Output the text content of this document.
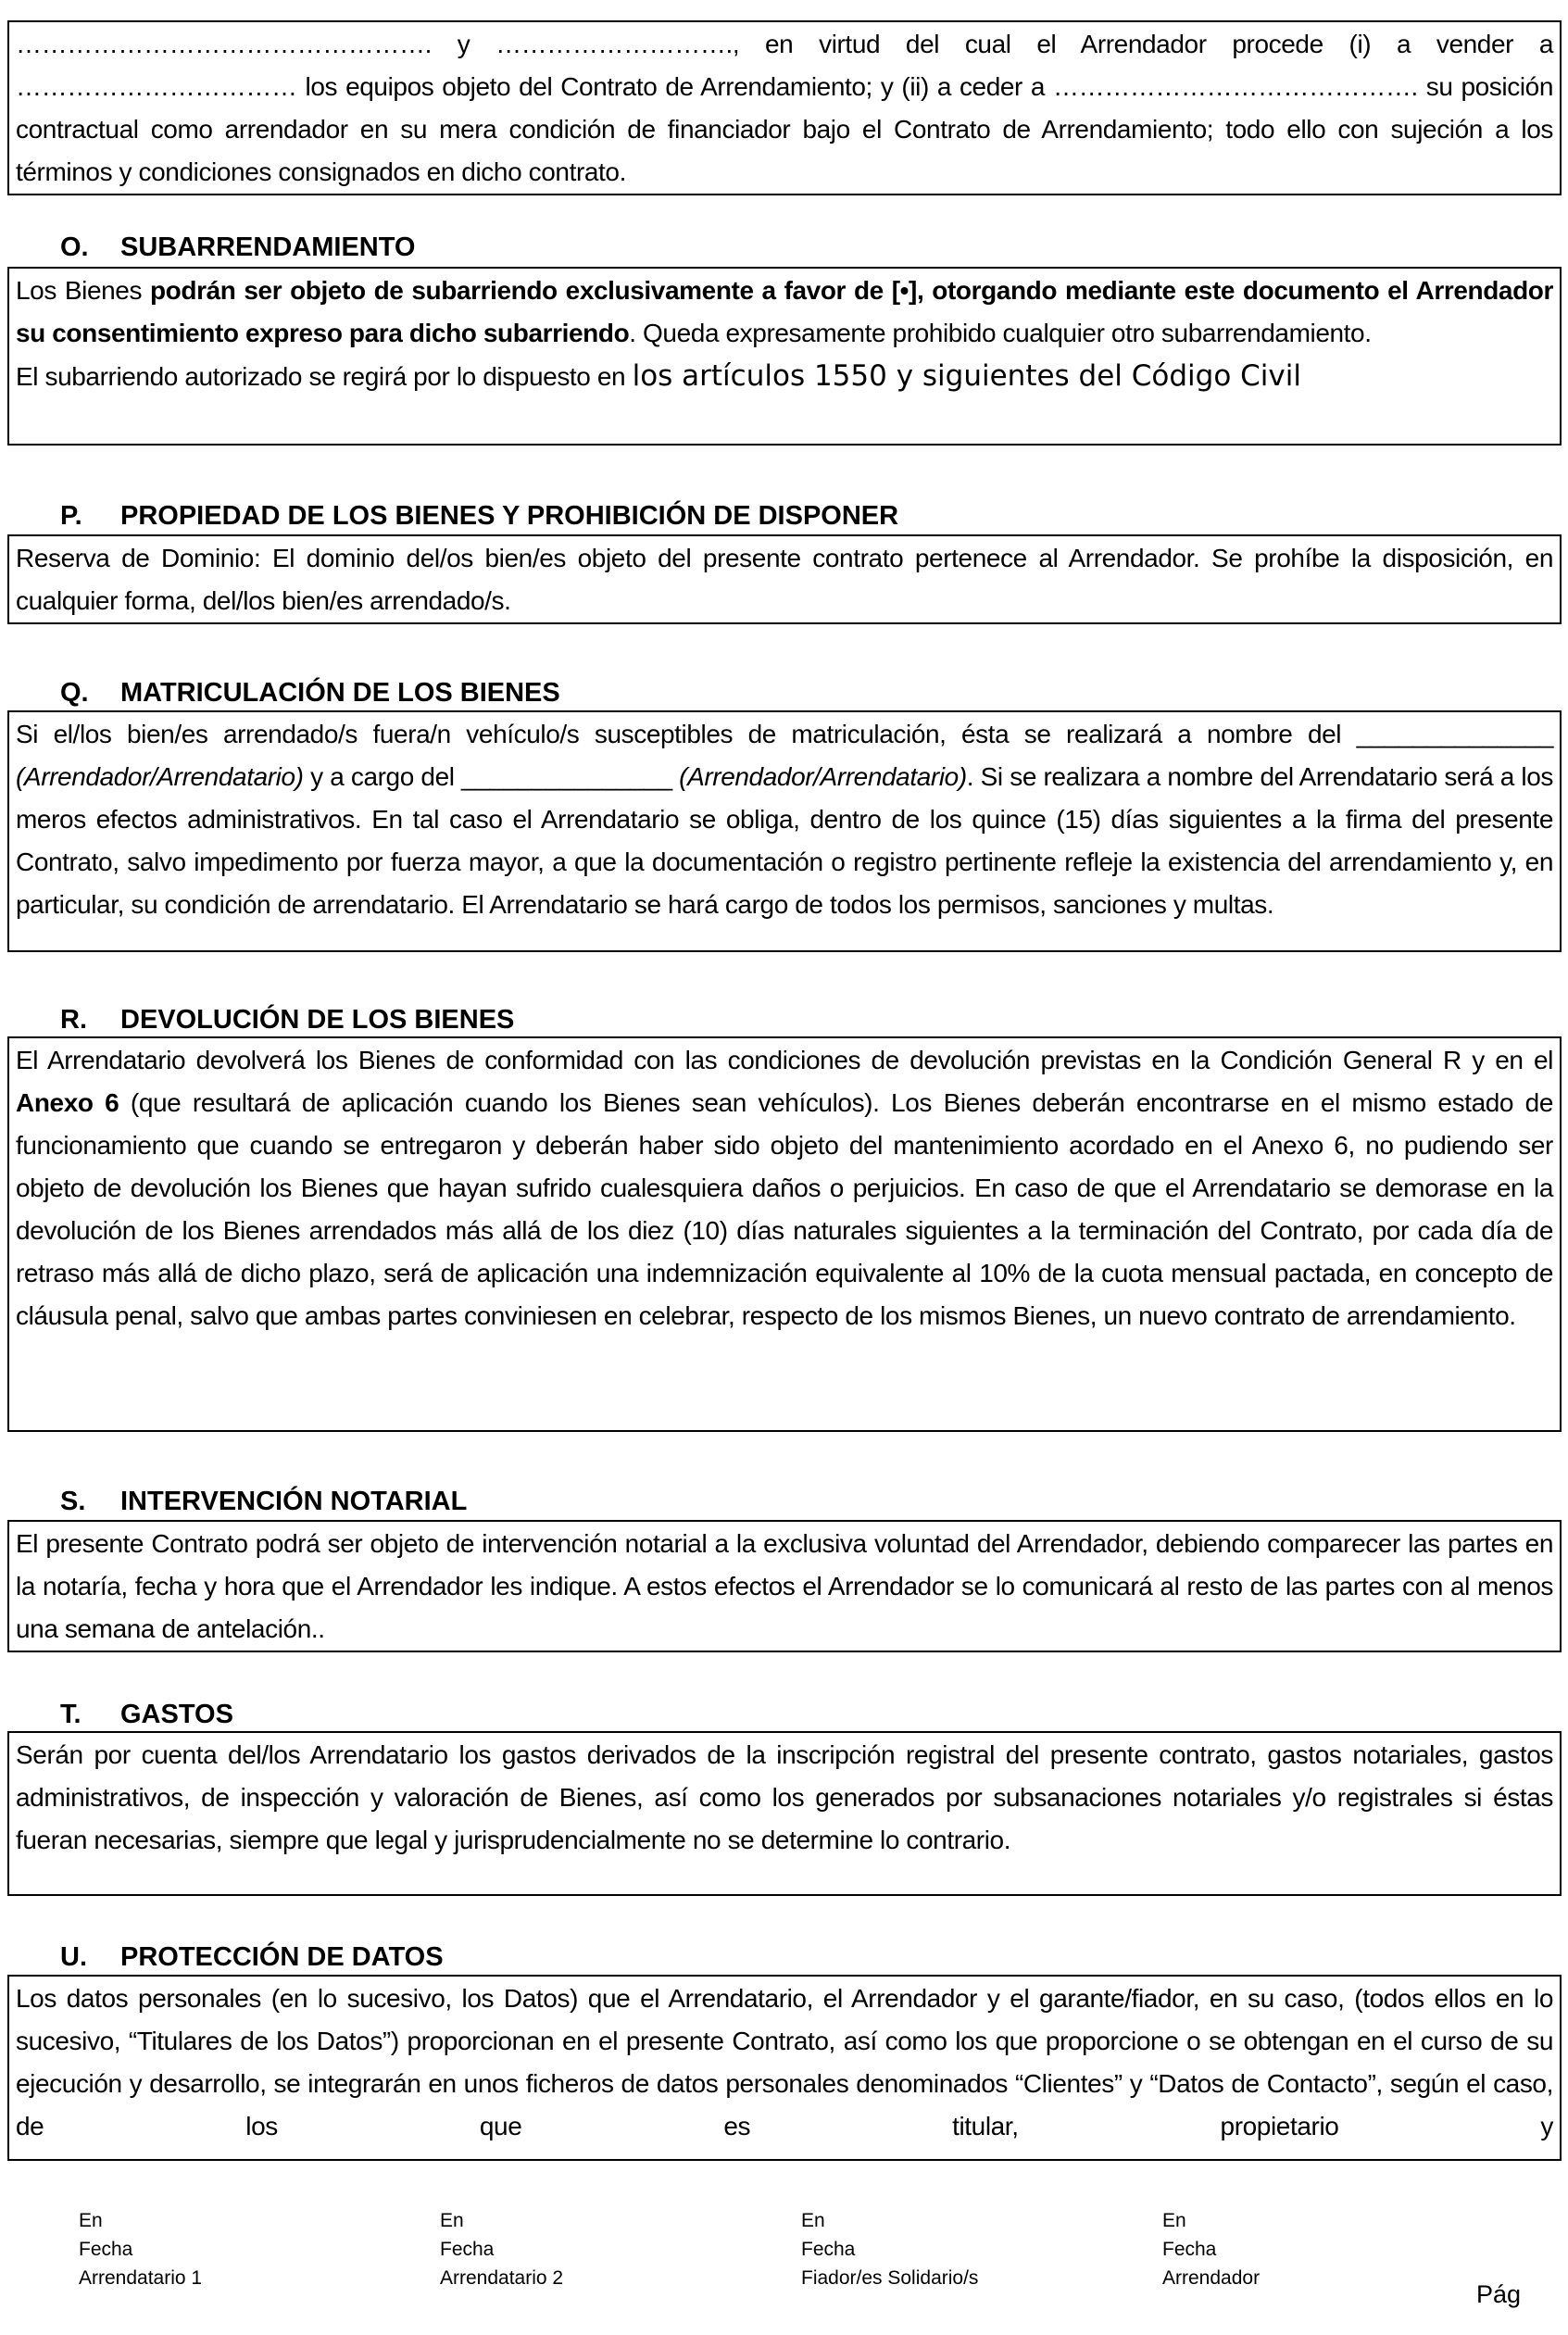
…………………………………………. y ………………………., en virtud del cual el Arrendador procede (i) a vender a …………………………… los equipos objeto del Contrato de Arrendamiento; y (ii) a ceder a ……………………………………. su posición contractual como arrendador en su mera condición de financiador bajo el Contrato de Arrendamiento; todo ello con sujeción a los términos y condiciones consignados en dicho contrato.

O. SUBARRENDAMIENTO

Los Bienes podrán ser objeto de subarriendo exclusivamente a favor de [•], otorgando mediante este documento el Arrendador su consentimiento expreso para dicho subarriendo. Queda expresamente prohibido cualquier otro subarrendamiento.

El subarriendo autorizado se regirá por lo dispuesto en los artículos 1550 y siguientes del Código Civil

P. PROPIEDAD DE LOS BIENES Y PROHIBICIÓN DE DISPONER

Reserva de Dominio: El dominio del/os bien/es objeto del presente contrato pertenece al Arrendador. Se prohíbe la disposición, en cualquier forma, del/los bien/es arrendado/s.

Q. MATRICULACIÓN DE LOS BIENES

Si el/los bien/es arrendado/s fuera/n vehículo/s susceptibles de matriculación, ésta se realizará a nombre del ______________ (Arrendador/Arrendatario) y a cargo del _______________ (Arrendador/Arrendatario). Si se realizara a nombre del Arrendatario será a los meros efectos administrativos. En tal caso el Arrendatario se obliga, dentro de los quince (15) días siguientes a la firma del presente Contrato, salvo impedimento por fuerza mayor, a que la documentación o registro pertinente refleje la existencia del arrendamiento y, en particular, su condición de arrendatario. El Arrendatario se hará cargo de todos los permisos, sanciones y multas.

R. DEVOLUCIÓN DE LOS BIENES

El Arrendatario devolverá los Bienes de conformidad con las condiciones de devolución previstas en la Condición General R y en el Anexo 6 (que resultará de aplicación cuando los Bienes sean vehículos). Los Bienes deberán encontrarse en el mismo estado de funcionamiento que cuando se entregaron y deberán haber sido objeto del mantenimiento acordado en el Anexo 6, no pudiendo ser objeto de devolución los Bienes que hayan sufrido cualesquiera daños o perjuicios. En caso de que el Arrendatario se demorase en la devolución de los Bienes arrendados más allá de los diez (10) días naturales siguientes a la terminación del Contrato, por cada día de retraso más allá de dicho plazo, será de aplicación una indemnización equivalente al 10% de la cuota mensual pactada, en concepto de cláusula penal, salvo que ambas partes conviniesen en celebrar, respecto de los mismos Bienes, un nuevo contrato de arrendamiento.

S. INTERVENCIÓN NOTARIAL

El presente Contrato podrá ser objeto de intervención notarial a la exclusiva voluntad del Arrendador, debiendo comparecer las partes en la notaría, fecha y hora que el Arrendador les indique. A estos efectos el Arrendador se lo comunicará al resto de las partes con al menos una semana de antelación..

T. GASTOS

Serán por cuenta del/los Arrendatario los gastos derivados de la inscripción registral del presente contrato, gastos notariales, gastos administrativos, de inspección y valoración de Bienes, así como los generados por subsanaciones notariales y/o registrales si éstas fueran necesarias, siempre que legal y jurisprudencialmente no se determine lo contrario.

U. PROTECCIÓN DE DATOS

Los datos personales (en lo sucesivo, los Datos) que el Arrendatario, el Arrendador y el garante/fiador, en su caso, (todos ellos en lo sucesivo, “Titulares de los Datos”) proporcionan en el presente Contrato, así como los que proporcione o se obtengan en el curso de su ejecución y desarrollo, se integrarán en unos ficheros de datos personales denominados “Clientes” y “Datos de Contacto”, según el caso, de los que es titular, propietario y

En
Fecha
Arrendatario 1
En
Fecha
Arrendatario 2
En
Fecha
Fiador/es Solidario/s
En
Fecha
Arrendador
Pág
